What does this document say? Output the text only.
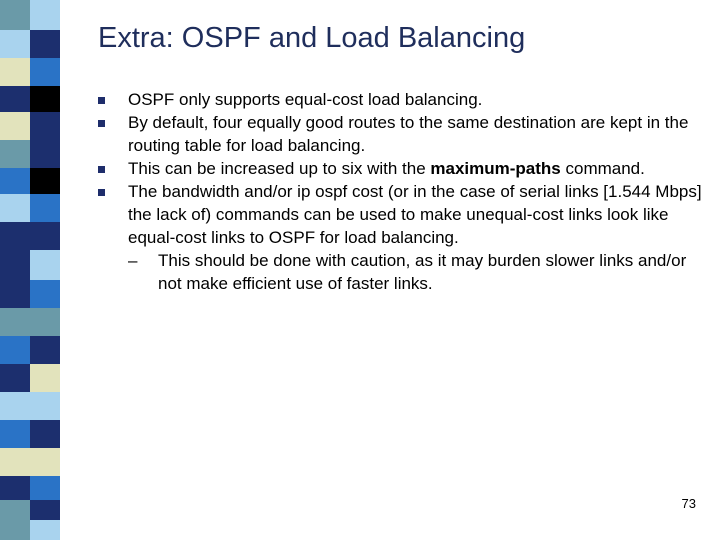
Extra: OSPF and Load Balancing
OSPF only supports equal-cost load balancing.
By default, four equally good routes to the same destination are kept in the routing table for load balancing.
This can be increased up to six with the maximum-paths command.
The bandwidth and/or ip ospf cost (or in the case of serial links [1.544 Mbps] the lack of) commands can be used to make unequal-cost links look like equal-cost links to OSPF for load balancing.
– This should be done with caution, as it may burden slower links and/or not make efficient use of faster links.
73
